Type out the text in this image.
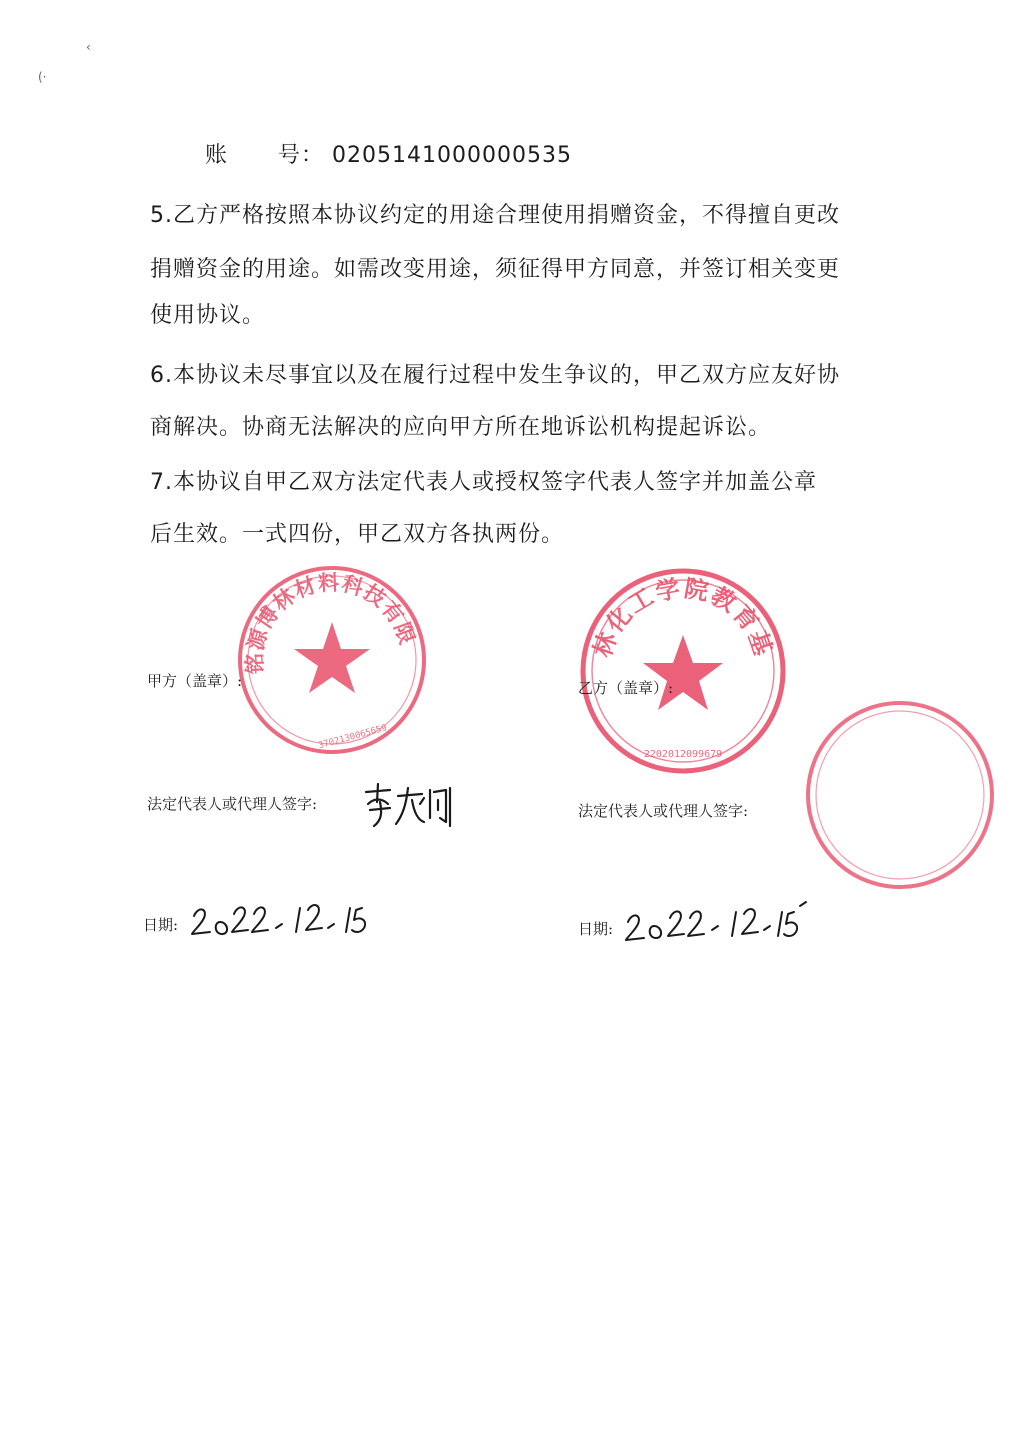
‹
(·
账 号： 0205141000000535
5.乙方严格按照本协议约定的用途合理使用捐赠资金，不得擅自更改
捐赠资金的用途。如需改变用途，须征得甲方同意，并签订相关变更
使用协议。
6.本协议未尽事宜以及在履行过程中发生争议的，甲乙双方应友好协
商解决。协商无法解决的应向甲方所在地诉讼机构提起诉讼。
7.本协议自甲乙双方法定代表人或授权签字代表人签字并加盖公章
后生效。一式四份，甲乙双方各执两份。
青岛铭源博林材料科技有限公司
3702130065659
吉林化工学院教育基金会
2202012099679
甲方（盖章）:
法定代表人或代理人签字:
日期:
乙方（盖章）:
法定代表人或代理人签字:
日期:
